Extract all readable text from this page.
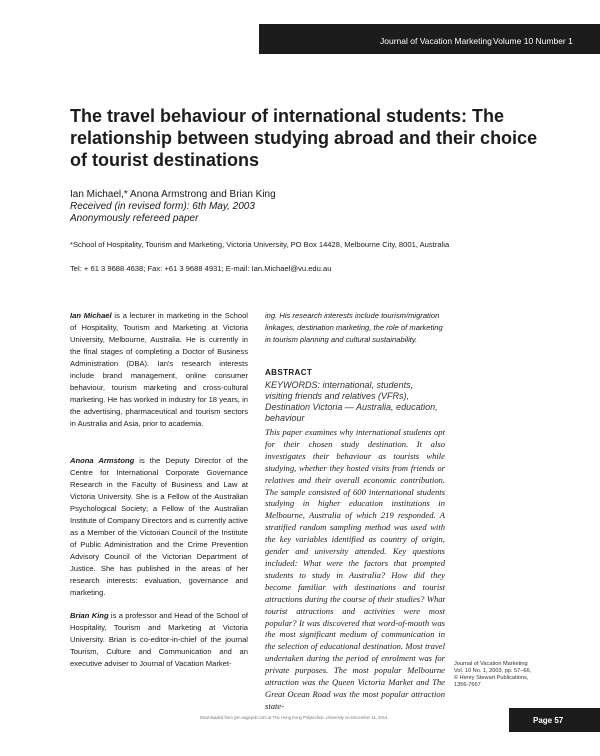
Journal of Vacation Marketing Volume 10 Number 1
The travel behaviour of international students: The relationship between studying abroad and their choice of tourist destinations
Ian Michael,* Anona Armstrong and Brian King
Received (in revised form): 6th May, 2003
Anonymously refereed paper
*School of Hospitality, Tourism and Marketing, Victoria University, PO Box 14428, Melbourne City, 8001, Australia
Tel: + 61 3 9688 4638; Fax: +61 3 9688 4931; E-mail: Ian.Michael@vu.edu.au

Ian Michael is a lecturer in marketing in the School of Hospitality, Tourism and Marketing at Victoria University, Melbourne, Australia. He is currently in the final stages of completing a Doctor of Business Administration (DBA). Ian's research interests include brand management, online consumer behaviour, tourism marketing and cross-cultural marketing. He has worked in industry for 18 years, in the advertising, pharmaceutical and tourism sectors in Australia and Asia, prior to academia.

Anona Armstong is the Deputy Director of the Centre for International Corporate Governance Research in the Faculty of Business and Law at Victoria University. She is a Fellow of the Australian Psychological Society; a Fellow of the Australian Institute of Company Directors and is currently active as a Member of the Victorian Council of the Institute of Public Administration and the Crime Prevention Advisory Council of the Victorian Department of Justice. She has published in the areas of her research interests: evaluation, governance and marketing.

Brian King is a professor and Head of the School of Hospitality, Tourism and Marketing at Victoria University. Brian is co-editor-in-chief of the journal Tourism, Culture and Communication and an executive adviser to Journal of Vacation Market-

ing. His research interests include tourism/migration linkages, destination marketing, the role of marketing in tourism planning and cultural sustainability.

ABSTRACT

KEYWORDS: international, students, visiting friends and relatives (VFRs), Destination Victoria — Australia, education, behaviour

This paper examines why international students opt for their chosen study destination. It also investigates their behaviour as tourists while studying, whether they hosted visits from friends or relatives and their overall economic contribution. The sample consisted of 600 international students studying in higher education institutions in Melbourne, Australia of which 219 responded. A stratified random sampling method was used with the key variables identified as country of origin, gender and university attended. Key questions included: What were the factors that prompted students to study in Australia? How did they become familiar with destinations and tourist attractions during the course of their studies? What tourist attractions and activities were most popular? It was discovered that word-of-mouth was the most significant medium of communication in the selection of educational destination. Most travel undertaken during the period of enrolment was for private purposes. The most popular Melbourne attraction was the Queen Victoria Market and The Great Ocean Road was the most popular attraction state-

Journal of Vacation Marketing
Vol. 10 No. 1, 2003, pp. 57–66,
© Henry Stewart Publications,
1356-7667
Downloaded from jvm.sagepub.com at The Hong Kong Polytechnic University on December 11, 2014	Page 57
